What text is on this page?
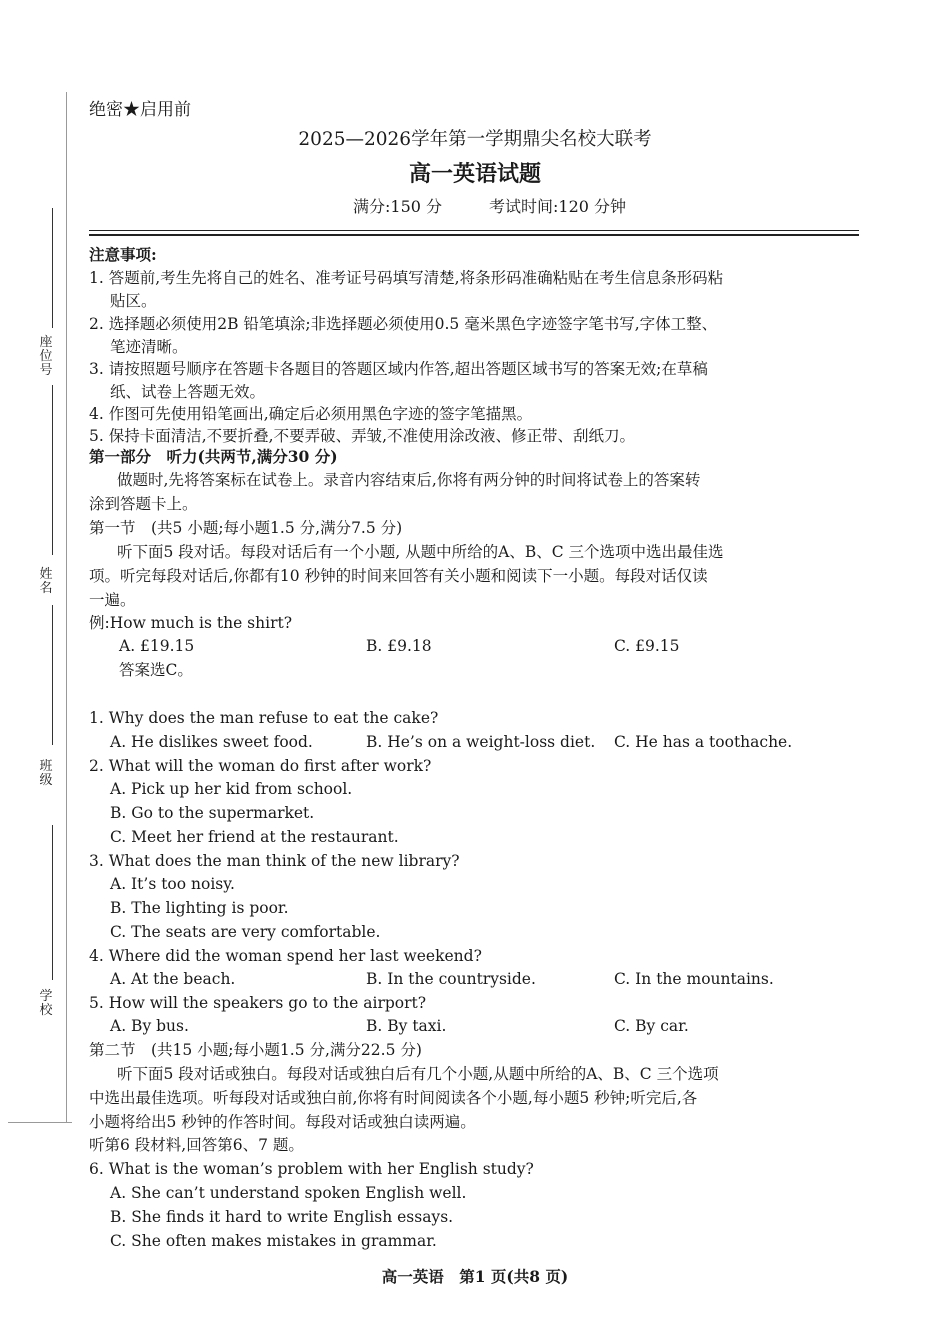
座位号
姓名
班级
学校
绝密★启用前
2025—2026学年第一学期鼎尖名校大联考
高一英语试题
满分:150 分	考试时间:120 分钟
注意事项:
1. 答题前,考生先将自己的姓名、准考证号码填写清楚,将条形码准确粘贴在考生信息条形码粘
贴区。
2. 选择题必须使用2B 铅笔填涂;非选择题必须使用0.5 毫米黑色字迹签字笔书写,字体工整、
笔迹清晰。
3. 请按照题号顺序在答题卡各题目的答题区域内作答,超出答题区域书写的答案无效;在草稿
纸、试卷上答题无效。
4. 作图可先使用铅笔画出,确定后必须用黑色字迹的签字笔描黑。
5. 保持卡面清洁,不要折叠,不要弄破、弄皱,不准使用涂改液、修正带、刮纸刀。
第一部分　听力(共两节,满分30 分)
做题时,先将答案标在试卷上。录音内容结束后,你将有两分钟的时间将试卷上的答案转
涂到答题卡上。
第一节　(共5 小题;每小题1.5 分,满分7.5 分)
听下面5 段对话。每段对话后有一个小题, 从题中所给的A、B、C 三个选项中选出最佳选
项。听完每段对话后,你都有10 秒钟的时间来回答有关小题和阅读下一小题。每段对话仅读
一遍。
例:How much is the shirt?
A. £19.15	B. £9.18	C. £9.15
答案选C。
1. Why does the man refuse to eat the cake?
A. He dislikes sweet food.	B. He’s on a weight-loss diet. C. He has a toothache.
2. What will the woman do first after work?
A. Pick up her kid from school.
B. Go to the supermarket.
C. Meet her friend at the restaurant.
3. What does the man think of the new library?
A. It’s too noisy.
B. The lighting is poor.
C. The seats are very comfortable.
4. Where did the woman spend her last weekend?
A. At the beach.	B. In the countryside.	C. In the mountains.
5. How will the speakers go to the airport?
A. By bus.	B. By taxi.	C. By car.
第二节　(共15 小题;每小题1.5 分,满分22.5 分)
听下面5 段对话或独白。每段对话或独白后有几个小题,从题中所给的A、B、C 三个选项
中选出最佳选项。听每段对话或独白前,你将有时间阅读各个小题,每小题5 秒钟;听完后,各
小题将给出5 秒钟的作答时间。每段对话或独白读两遍。
听第6 段材料,回答第6、7 题。
6. What is the woman’s problem with her English study?
A. She can’t understand spoken English well.
B. She finds it hard to write English essays.
C. She often makes mistakes in grammar.
高一英语　第1 页(共8 页)
